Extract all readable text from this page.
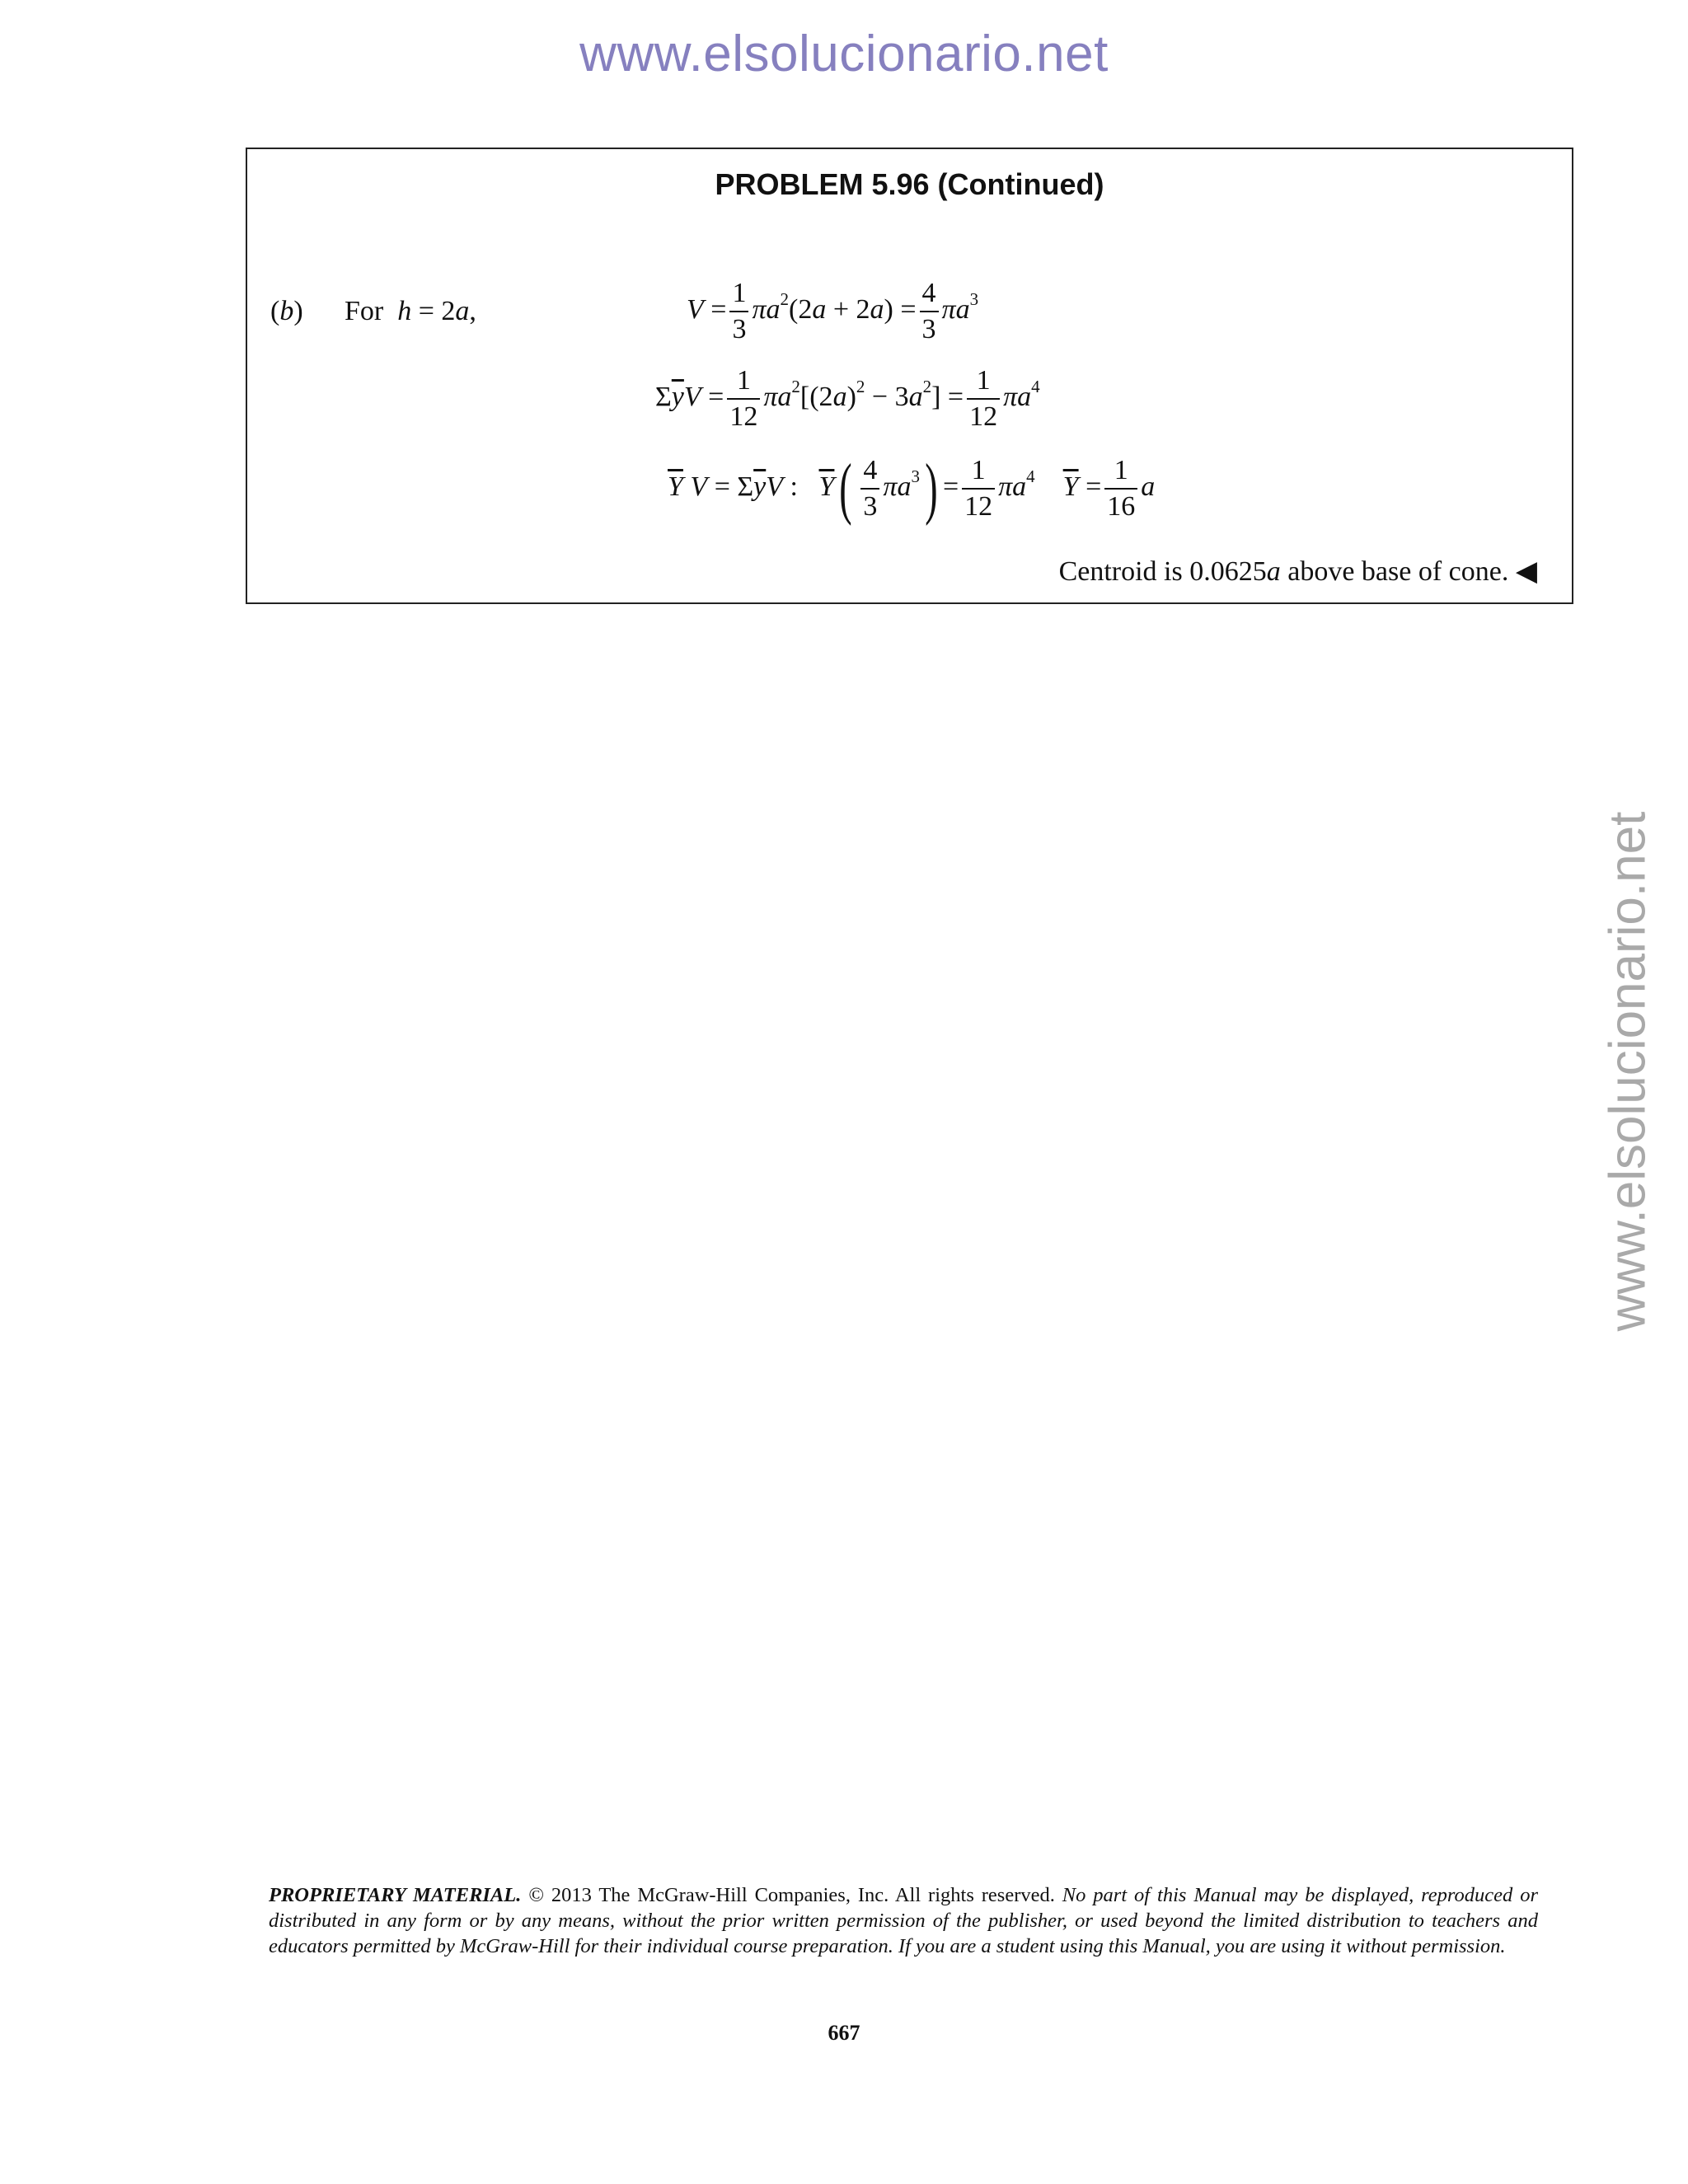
www.elsolucionario.net
www.elsolucionario.net
PROBLEM 5.96 (Continued)
(b) For h = 2a,	$V = \frac{1}{3} \pi a^2(2a + 2a) = \frac{4}{3} \pi a^3$
$\Sigma\overline{y}V = \frac{1}{12} \pi a^2[(2a)^2 - 3a^2] = \frac{1}{12} \pi a^4$
$\overline{Y}$ $V = \Sigma\overline{y}V$ :   $\overline{Y}( \frac{4}{3} \pi a^3) = \frac{1}{12} \pi a^4$ $\overline{Y} = \frac{1}{16}$ a
Centroid is 0.0625a above base of cone. ◀
PROPRIETARY MATERIAL. © 2013 The McGraw-Hill Companies, Inc. All rights reserved. No part of this Manual may be displayed, reproduced or distributed in any form or by any means, without the prior written permission of the publisher, or used beyond the limited distribution to teachers and educators permitted by McGraw-Hill for their individual course preparation. If you are a student using this Manual, you are using it without permission.
667
